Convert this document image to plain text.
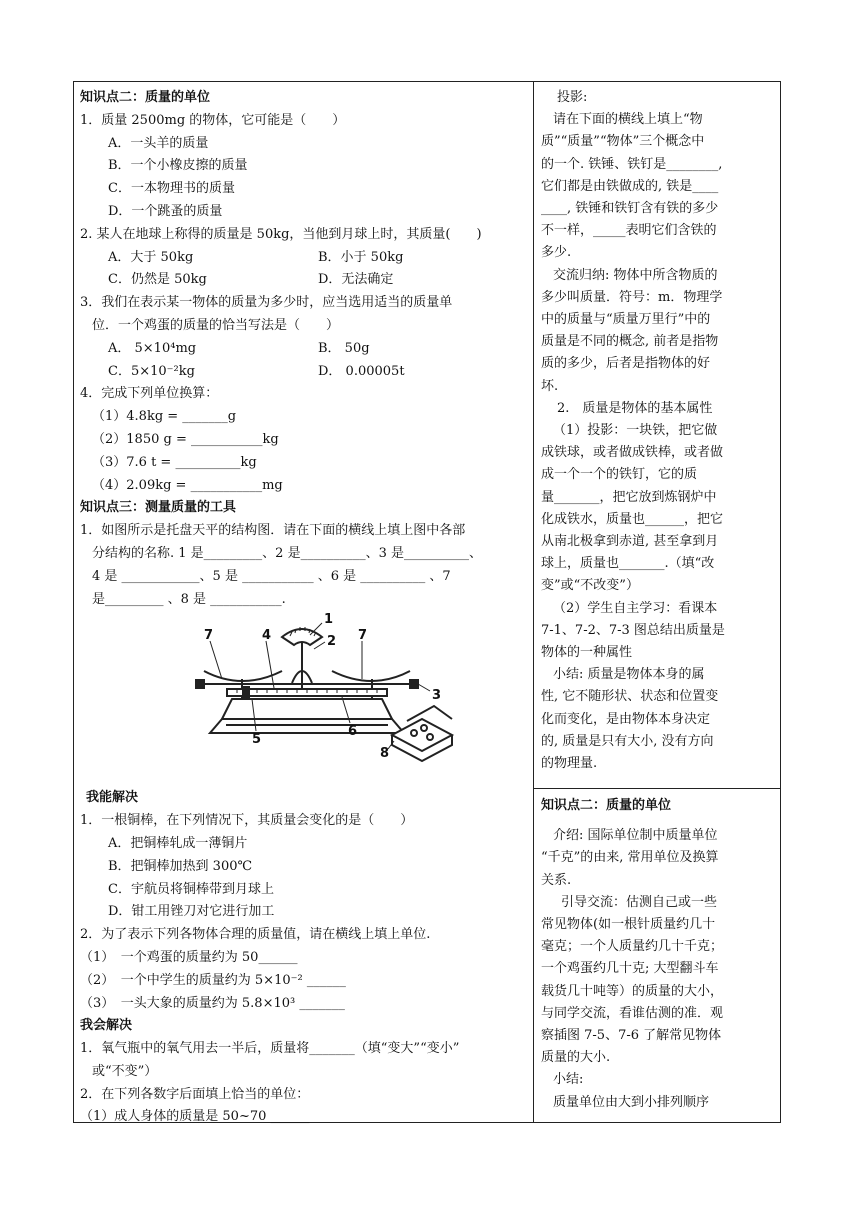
知识点二：质量的单位
1．质量 2500mg 的物体，它可能是（　　）
A．一头羊的质量
B．一个小橡皮擦的质量
C．一本物理书的质量
D．一个跳蚤的质量
2. 某人在地球上称得的质量是 50kg，当他到月球上时，其质量(　　)
A．大于 50kg	B．小于 50kg
C．仍然是 50kg	D．无法确定
3．我们在表示某一物体的质量为多少时，应当选用适当的质量单
位．一个鸡蛋的质量的恰当写法是（　　）
A． 5×10⁴mg	B． 50g
C．5×10⁻²kg	D． 0.00005t
4．完成下列单位换算：
（1）4.8kg = _______g
（2）1850 g = ___________kg
（3）7.6 t = __________kg
（4）2.09kg = ___________mg
知识点三：测量质量的工具
1．如图所示是托盘天平的结构图．请在下面的横线上填上图中各部
分结构的名称. 1 是_________、2 是__________、3 是__________、
4 是 ____________、5 是 ___________ 、6 是 __________ 、7
是_________ 、8 是 ___________.
我能解决
1．一根铜棒，在下列情况下，其质量会变化的是（　　）
A．把铜棒轧成一薄铜片
B．把铜棒加热到 300℃
C．宇航员将铜棒带到月球上
D．钳工用锉刀对它进行加工
2．为了表示下列各物体合理的质量值，请在横线上填上单位.
（1）　一个鸡蛋的质量约为 50______
（2）　一个中学生的质量约为 5×10⁻² ______
（3）　一头大象的质量约为 5.8×10³ _______
我会解决
1．氧气瓶中的氧气用去一半后，质量将_______（填“变大”“变小”
或“不变”）
2．在下列各数字后面填上恰当的单位：
（1）成人身体的质量是 50~70 ______
1
2
3
4
5
6
7	7
8
投影:
请在下面的横线上填上“物
质”“质量”“物体”三个概念中
的一个. 铁锤、铁钉是________,
它们都是由铁做成的, 铁是____
____, 铁锤和铁钉含有铁的多少
不一样，_____表明它们含铁的
多少.
交流归纳: 物体中所含物质的
多少叫质量．符号：m．物理学
中的质量与“质量万里行”中的
质量是不同的概念, 前者是指物
质的多少，后者是指物体的好
坏.
2.　质量是物体的基本属性
（1）投影：一块铁，把它做
成铁球，或者做成铁棒，或者做
成一个一个的铁钉，它的质
量_______，把它放到炼钢炉中
化成铁水，质量也______，把它
从南北极拿到赤道, 甚至拿到月
球上，质量也_______.（填“改
变”或“不改变”）
（2）学生自主学习：看课本
7-1、7-2、7-3 图总结出质量是
物体的一种属性
小结: 质量是物体本身的属
性, 它不随形状、状态和位置变
化而变化，是由物体本身决定
的, 质量是只有大小, 没有方向
的物理量.
知识点二：质量的单位
介绍: 国际单位制中质量单位
“千克”的由来, 常用单位及换算
关系.
引导交流：估测自己或一些
常见物体(如一根针质量约几十
毫克；一个人质量约几十千克；
一个鸡蛋约几十克; 大型翻斗车
载货几十吨等）的质量的大小，
与同学交流，看谁估测的准．观
察插图 7-5、7-6 了解常见物体
质量的大小.
小结:
质量单位由大到小排列顺序
